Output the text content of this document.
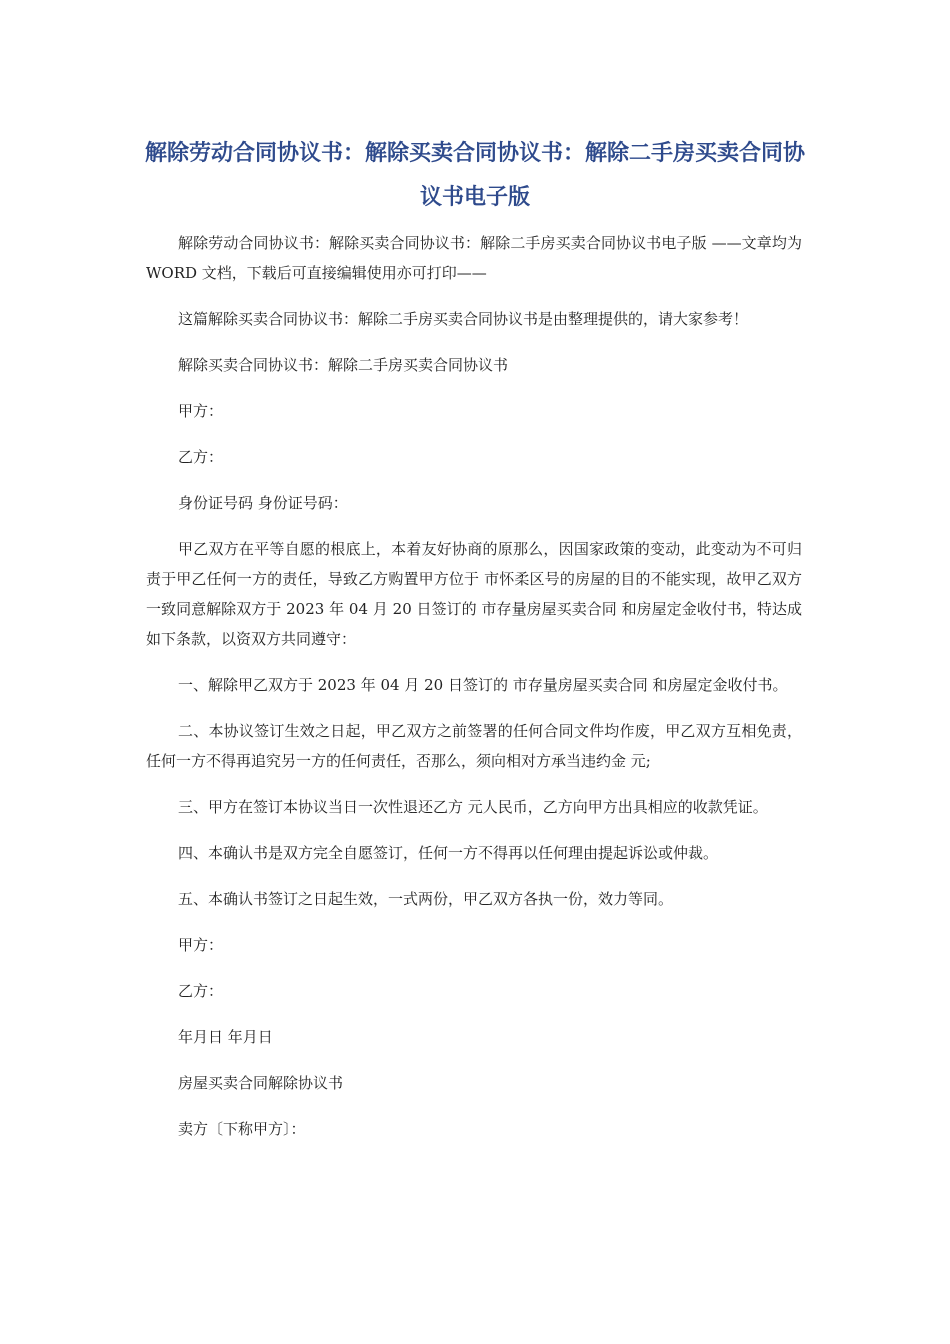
解除劳动合同协议书：解除买卖合同协议书：解除二手房买卖合同协议书电子版

解除劳动合同协议书：解除买卖合同协议书：解除二手房买卖合同协议书电子版 ——文章均为 WORD 文档，下载后可直接编辑使用亦可打印——

这篇解除买卖合同协议书：解除二手房买卖合同协议书是由整理提供的，请大家参考！

解除买卖合同协议书：解除二手房买卖合同协议书

甲方：

乙方：

身份证号码 身份证号码：

甲乙双方在平等自愿的根底上，本着友好协商的原那么，因国家政策的变动，此变动为不可归责于甲乙任何一方的责任，导致乙方购置甲方位于 市怀柔区号的房屋的目的不能实现，故甲乙双方一致同意解除双方于 2023 年 04 月 20 日签订的 市存量房屋买卖合同 和房屋定金收付书，特达成如下条款，以资双方共同遵守：

一、解除甲乙双方于 2023 年 04 月 20 日签订的 市存量房屋买卖合同 和房屋定金收付书。

二、本协议签订生效之日起，甲乙双方之前签署的任何合同文件均作废，甲乙双方互相免责，任何一方不得再追究另一方的任何责任，否那么，须向相对方承当违约金 元;

三、甲方在签订本协议当日一次性退还乙方 元人民币，乙方向甲方出具相应的收款凭证。

四、本确认书是双方完全自愿签订，任何一方不得再以任何理由提起诉讼或仲裁。

五、本确认书签订之日起生效，一式两份，甲乙双方各执一份，效力等同。

甲方：

乙方：

年月日 年月日

房屋买卖合同解除协议书

卖方〔下称甲方〕：
